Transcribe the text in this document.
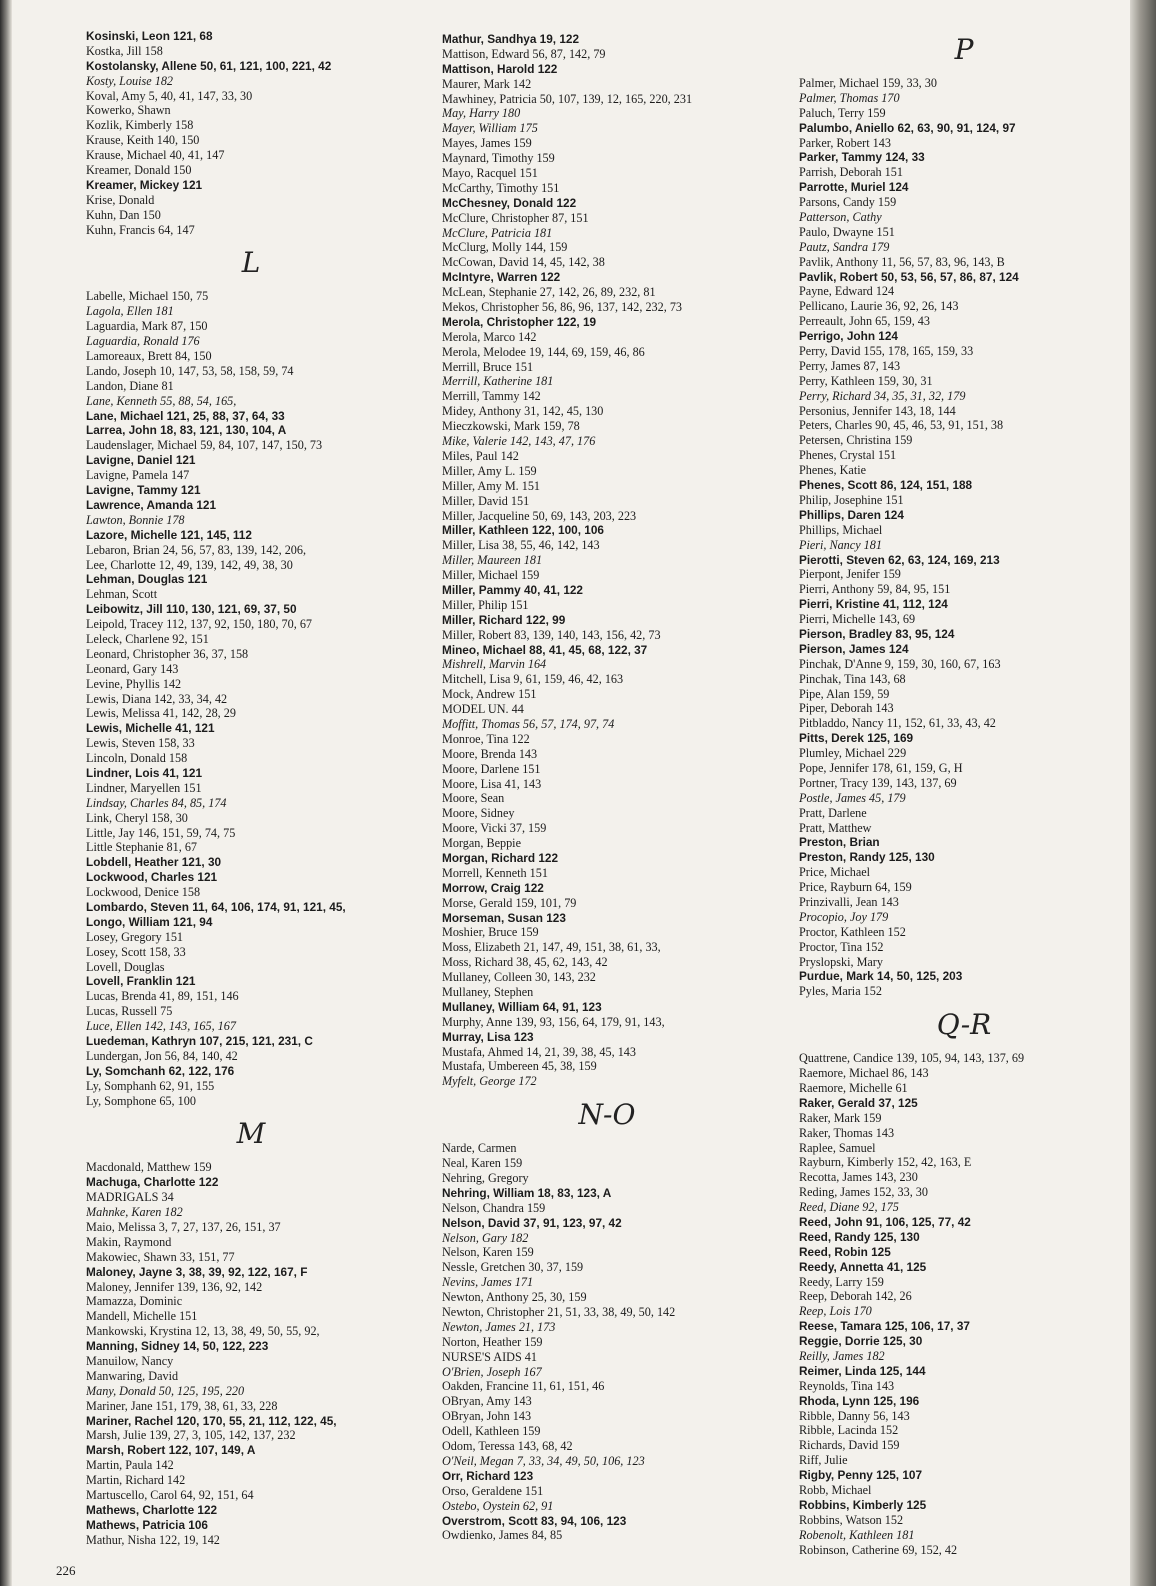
Kosinski, Leon 121, 68
Kostka, Jill 158
Kostolansky, Allene 50, 61, 121, 100, 221, 42
Kosty, Louise 182
Koval, Amy 5, 40, 41, 147, 33, 30
Kowerko, Shawn
Kozlik, Kimberly 158
Krause, Keith 140, 150
Krause, Michael 40, 41, 147
Kreamer, Donald 150
Kreamer, Mickey 121
Krise, Donald
Kuhn, Dan 150
Kuhn, Francis 64, 147
L
Labelle, Michael 150, 75
Lagola, Ellen 181
Laguardia, Mark 87, 150
Laguardia, Ronald 176
Lamoreaux, Brett 84, 150
Lando, Joseph 10, 147, 53, 58, 158, 59, 74
Landon, Diane 81
Lane, Kenneth 55, 88, 54, 165,
Lane, Michael 121, 25, 88, 37, 64, 33
Larrea, John 18, 83, 121, 130, 104, A
Laudenslager, Michael 59, 84, 107, 147, 150, 73
Lavigne, Daniel 121
Lavigne, Pamela 147
Lavigne, Tammy 121
Lawrence, Amanda 121
Lawton, Bonnie 178
Lazore, Michelle 121, 145, 112
Lebaron, Brian 24, 56, 57, 83, 139, 142, 206,
Lee, Charlotte 12, 49, 139, 142, 49, 38, 30
Lehman, Douglas 121
Lehman, Scott
Leibowitz, Jill 110, 130, 121, 69, 37, 50
Leipold, Tracey 112, 137, 92, 150, 180, 70, 67
Leleck, Charlene 92, 151
Leonard, Christopher 36, 37, 158
Leonard, Gary 143
Levine, Phyllis 142
Lewis, Diana 142, 33, 34, 42
Lewis, Melissa 41, 142, 28, 29
Lewis, Michelle 41, 121
Lewis, Steven 158, 33
Lincoln, Donald 158
Lindner, Lois 41, 121
Lindner, Maryellen 151
Lindsay, Charles 84, 85, 174
Link, Cheryl 158, 30
Little, Jay 146, 151, 59, 74, 75
Little Stephanie 81, 67
Lobdell, Heather 121, 30
Lockwood, Charles 121
Lockwood, Denice 158
Lombardo, Steven 11, 64, 106, 174, 91, 121, 45,
Longo, William 121, 94
Losey, Gregory 151
Losey, Scott 158, 33
Lovell, Douglas
Lovell, Franklin 121
Lucas, Brenda 41, 89, 151, 146
Lucas, Russell 75
Luce, Ellen 142, 143, 165, 167
Luedeman, Kathryn 107, 215, 121, 231, C
Lundergan, Jon 56, 84, 140, 42
Ly, Somchanh 62, 122, 176
Ly, Somphanh 62, 91, 155
Ly, Somphone 65, 100
M
Macdonald, Matthew 159
Machuga, Charlotte 122
MADRIGALS 34
Mahnke, Karen 182
Maio, Melissa 3, 7, 27, 137, 26, 151, 37
Makin, Raymond
Makowiec, Shawn 33, 151, 77
Maloney, Jayne 3, 38, 39, 92, 122, 167, F
Maloney, Jennifer 139, 136, 92, 142
Mamazza, Dominic
Mandell, Michelle 151
Mankowski, Krystina 12, 13, 38, 49, 50, 55, 92,
Manning, Sidney 14, 50, 122, 223
Manuilow, Nancy
Manwaring, David
Many, Donald 50, 125, 195, 220
Mariner, Jane 151, 179, 38, 61, 33, 228
Mariner, Rachel 120, 170, 55, 21, 112, 122, 45,
Marsh, Julie 139, 27, 3, 105, 142, 137, 232
Marsh, Robert 122, 107, 149, A
Martin, Paula 142
Martin, Richard 142
Martuscello, Carol 64, 92, 151, 64
Mathews, Charlotte 122
Mathews, Patricia 106
Mathur, Nisha 122, 19, 142
Mathur, Sandhya 19, 122
Mattison, Edward 56, 87, 142, 79
Mattison, Harold 122
Maurer, Mark 142
Mawhiney, Patricia 50, 107, 139, 12, 165, 220, 231
May, Harry 180
Mayer, William 175
Mayes, James 159
Maynard, Timothy 159
Mayo, Racquel 151
McCarthy, Timothy 151
McChesney, Donald 122
McClure, Christopher 87, 151
McClure, Patricia 181
McClurg, Molly 144, 159
McCowan, David 14, 45, 142, 38
McIntyre, Warren 122
McLean, Stephanie 27, 142, 26, 89, 232, 81
Mekos, Christopher 56, 86, 96, 137, 142, 232, 73
Merola, Christopher 122, 19
Merola, Marco 142
Merola, Melodee 19, 144, 69, 159, 46, 86
Merrill, Bruce 151
Merrill, Katherine 181
Merrill, Tammy 142
Midey, Anthony 31, 142, 45, 130
Mieczkowski, Mark 159, 78
Mike, Valerie 142, 143, 47, 176
Miles, Paul 142
Miller, Amy L. 159
Miller, Amy M. 151
Miller, David 151
Miller, Jacqueline 50, 69, 143, 203, 223
Miller, Kathleen 122, 100, 106
Miller, Lisa 38, 55, 46, 142, 143
Miller, Maureen 181
Miller, Michael 159
Miller, Pammy 40, 41, 122
Miller, Philip 151
Miller, Richard 122, 99
Miller, Robert 83, 139, 140, 143, 156, 42, 73
Mineo, Michael 88, 41, 45, 68, 122, 37
Mishrell, Marvin 164
Mitchell, Lisa 9, 61, 159, 46, 42, 163
Mock, Andrew 151
MODEL UN. 44
Moffitt, Thomas 56, 57, 174, 97, 74
Monroe, Tina 122
Moore, Brenda 143
Moore, Darlene 151
Moore, Lisa 41, 143
Moore, Sean
Moore, Sidney
Moore, Vicki 37, 159
Morgan, Beppie
Morgan, Richard 122
Morrell, Kenneth 151
Morrow, Craig 122
Morse, Gerald 159, 101, 79
Morseman, Susan 123
Moshier, Bruce 159
Moss, Elizabeth 21, 147, 49, 151, 38, 61, 33,
Moss, Richard 38, 45, 62, 143, 42
Mullaney, Colleen 30, 143, 232
Mullaney, Stephen
Mullaney, William 64, 91, 123
Murphy, Anne 139, 93, 156, 64, 179, 91, 143,
Murray, Lisa 123
Mustafa, Ahmed 14, 21, 39, 38, 45, 143
Mustafa, Umbereen 45, 38, 159
Myfelt, George 172
N-O
Narde, Carmen
Neal, Karen 159
Nehring, Gregory
Nehring, William 18, 83, 123, A
Nelson, Chandra 159
Nelson, David 37, 91, 123, 97, 42
Nelson, Gary 182
Nelson, Karen 159
Nessle, Gretchen 30, 37, 159
Nevins, James 171
Newton, Anthony 25, 30, 159
Newton, Christopher 21, 51, 33, 38, 49, 50, 142
Newton, James 21, 173
Norton, Heather 159
NURSE'S AIDS 41
O'Brien, Joseph 167
Oakden, Francine 11, 61, 151, 46
OBryan, Amy 143
OBryan, John 143
Odell, Kathleen 159
Odom, Teressa 143, 68, 42
O'Neil, Megan 7, 33, 34, 49, 50, 106, 123
Orr, Richard 123
Orso, Geraldene 151
Ostebo, Oystein 62, 91
Overstrom, Scott 83, 94, 106, 123
Owdienko, James 84, 85
P
Palmer, Michael 159, 33, 30
Palmer, Thomas 170
Paluch, Terry 159
Palumbo, Aniello 62, 63, 90, 91, 124, 97
Parker, Robert 143
Parker, Tammy 124, 33
Parrish, Deborah 151
Parrotte, Muriel 124
Parsons, Candy 159
Patterson, Cathy
Paulo, Dwayne 151
Pautz, Sandra 179
Pavlik, Anthony 11, 56, 57, 83, 96, 143, B
Pavlik, Robert 50, 53, 56, 57, 86, 87, 124
Payne, Edward 124
Pellicano, Laurie 36, 92, 26, 143
Perreault, John 65, 159, 43
Perrigo, John 124
Perry, David 155, 178, 165, 159, 33
Perry, James 87, 143
Perry, Kathleen 159, 30, 31
Perry, Richard 34, 35, 31, 32, 179
Personius, Jennifer 143, 18, 144
Peters, Charles 90, 45, 46, 53, 91, 151, 38
Petersen, Christina 159
Phenes, Crystal 151
Phenes, Katie
Phenes, Scott 86, 124, 151, 188
Philip, Josephine 151
Phillips, Daren 124
Phillips, Michael
Pieri, Nancy 181
Pierotti, Steven 62, 63, 124, 169, 213
Pierpont, Jenifer 159
Pierri, Anthony 59, 84, 95, 151
Pierri, Kristine 41, 112, 124
Pierri, Michelle 143, 69
Pierson, Bradley 83, 95, 124
Pierson, James 124
Pinchak, D'Anne 9, 159, 30, 160, 67, 163
Pinchak, Tina 143, 68
Pipe, Alan 159, 59
Piper, Deborah 143
Pitbladdo, Nancy 11, 152, 61, 33, 43, 42
Pitts, Derek 125, 169
Plumley, Michael 229
Pope, Jennifer 178, 61, 159, G, H
Portner, Tracy 139, 143, 137, 69
Postle, James 45, 179
Pratt, Darlene
Pratt, Matthew
Preston, Brian
Preston, Randy 125, 130
Price, Michael
Price, Rayburn 64, 159
Prinzivalli, Jean 143
Procopio, Joy 179
Proctor, Kathleen 152
Proctor, Tina 152
Pryslopski, Mary
Purdue, Mark 14, 50, 125, 203
Pyles, Maria 152
Q-R
Quattrene, Candice 139, 105, 94, 143, 137, 69
Raemore, Michael 86, 143
Raemore, Michelle 61
Raker, Gerald 37, 125
Raker, Mark 159
Raker, Thomas 143
Raplee, Samuel
Rayburn, Kimberly 152, 42, 163, E
Recotta, James 143, 230
Reding, James 152, 33, 30
Reed, Diane 92, 175
Reed, John 91, 106, 125, 77, 42
Reed, Randy 125, 130
Reed, Robin 125
Reedy, Annetta 41, 125
Reedy, Larry 159
Reep, Deborah 142, 26
Reep, Lois 170
Reese, Tamara 125, 106, 17, 37
Reggie, Dorrie 125, 30
Reilly, James 182
Reimer, Linda 125, 144
Reynolds, Tina 143
Rhoda, Lynn 125, 196
Ribble, Danny 56, 143
Ribble, Lacinda 152
Richards, David 159
Riff, Julie
Rigby, Penny 125, 107
Robb, Michael
Robbins, Kimberly 125
Robbins, Watson 152
Robenolt, Kathleen 181
Robinson, Catherine 69, 152, 42
226
